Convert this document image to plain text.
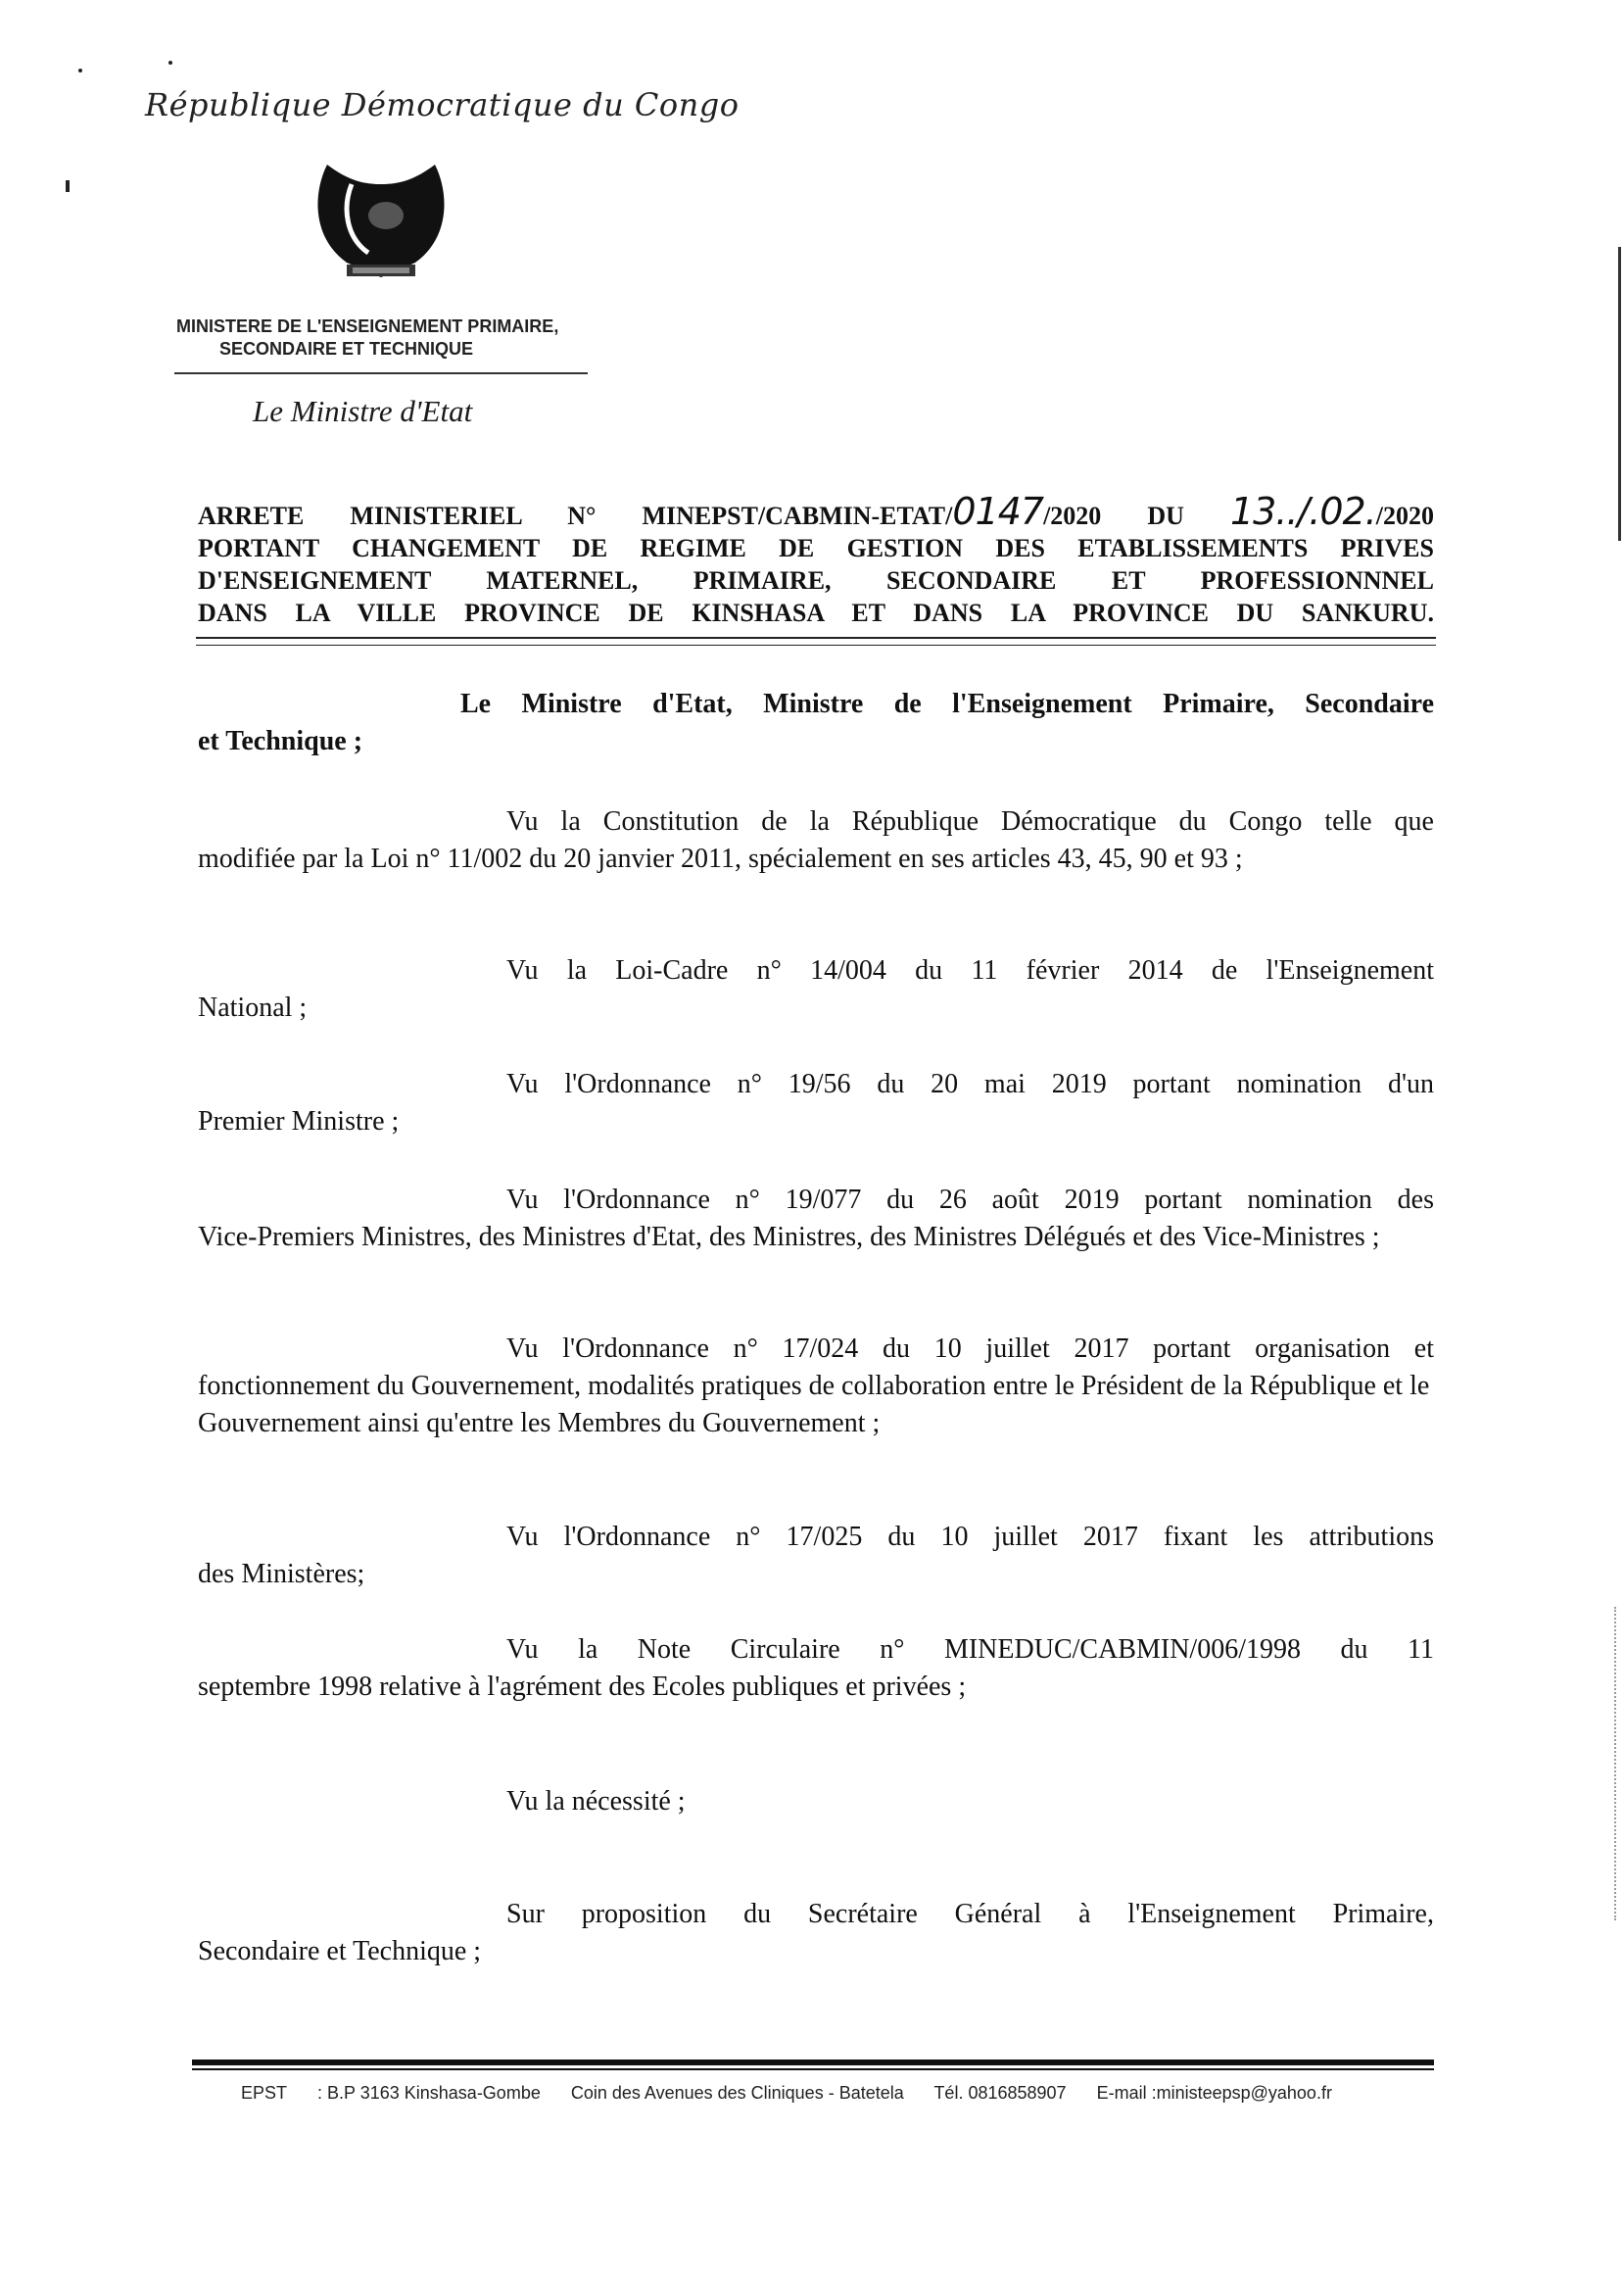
République Démocratique du Congo
MINISTERE DE L'ENSEIGNEMENT PRIMAIRE,
SECONDAIRE ET TECHNIQUE
Le Ministre d'Etat
ARRETE MINISTERIEL N° MINEPST/CABMIN-ETAT/0147/2020 DU 13../.02./2020
PORTANT CHANGEMENT DE REGIME DE GESTION DES ETABLISSEMENTS PRIVES
D'ENSEIGNEMENT MATERNEL, PRIMAIRE, SECONDAIRE ET PROFESSIONNNEL
DANS LA VILLE PROVINCE DE KINSHASA ET DANS LA PROVINCE DU SANKURU.
Le Ministre d'Etat, Ministre de l'Enseignement Primaire, Secondaire
et Technique ;
Vu la Constitution de la République Démocratique du Congo telle que
modifiée par la Loi n° 11/002 du 20 janvier 2011, spécialement en ses articles 43, 45, 90 et 93 ;
Vu la Loi-Cadre n° 14/004 du 11 février 2014 de l'Enseignement
National ;
Vu l'Ordonnance n° 19/56 du 20 mai 2019 portant nomination d'un
Premier Ministre ;
Vu l'Ordonnance n° 19/077 du 26 août 2019 portant nomination des
Vice-Premiers Ministres, des Ministres d'Etat, des Ministres, des Ministres Délégués et des Vice-Ministres ;
Vu l'Ordonnance n° 17/024 du 10 juillet 2017 portant organisation et
fonctionnement du Gouvernement, modalités pratiques de collaboration entre le Président de la République et le Gouvernement ainsi qu'entre les Membres du Gouvernement ;
Vu l'Ordonnance n° 17/025 du 10 juillet 2017 fixant les attributions
des Ministères;
Vu la Note Circulaire n° MINEDUC/CABMIN/006/1998 du 11
septembre 1998 relative à l'agrément des Ecoles publiques et privées ;
Vu la nécessité ;
Sur proposition du Secrétaire Général à l'Enseignement Primaire,
Secondaire et Technique ;
EPST : B.P 3163 Kinshasa-Gombe Coin des Avenues des Cliniques - Batetela Tél. 0816858907 E-mail :ministeepsp@yahoo.fr
